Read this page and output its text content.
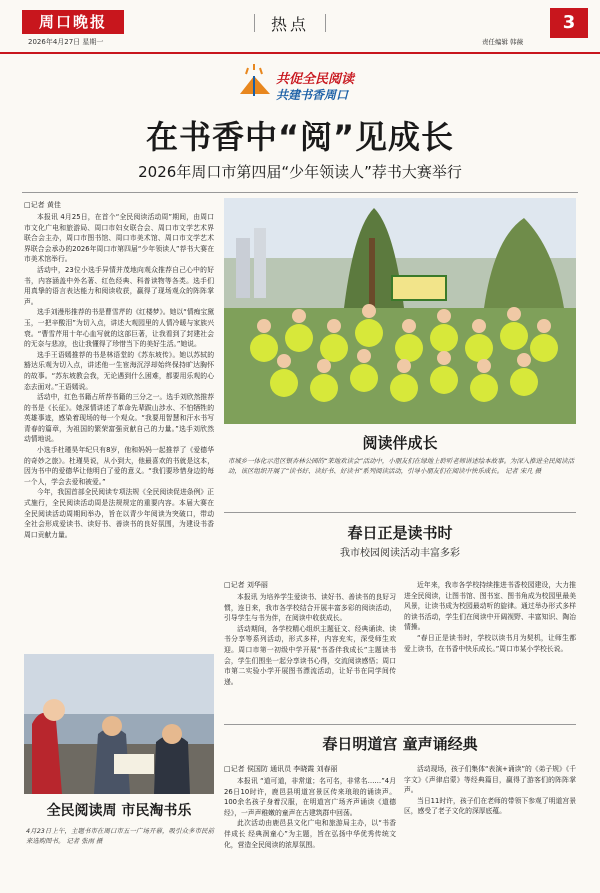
周口晚报
2026年4月27日 星期一
热点
责任编辑 韩薇
3
共促全民阅读
共建书香周口
在书香中“阅”见成长
2026年周口市第四届“少年领读人”荐书大赛举行
□记者 黄佳

本报讯 4月25日，在首个“全民阅读活动周”期间，由周口市文化广电和旅游局、周口市妇女联合会、周口市文学艺术界联合会主办，周口市图书馆、周口市美术馆、周口市文学艺术界联合会承办的2026年周口市第四届“少年领读人”荐书大赛在市美术馆举行。

活动中，23位小选手异情并茂地向观众推荐自己心中的好书，内容涵盖中外名著、红色经典、科普读物等各类。选手们用真挚的语言表达能力和阅读收获，赢得了现场观众的阵阵掌声。

选手刘漫彤推荐的书是曹雪芹的《红楼梦》。她以“情痴宝黛玉，一把辛酸泪”为切入点，讲述大观园里的人情冷暖与家族兴衰。“曹雪芹用十年心血写就的这部巨著，让我看到了封建社会的无奈与悲凉，也让我懂得了珍惜当下的美好生活。”她说。

选手王语嫣推荐的书是林语堂的《苏东坡传》。她以苏轼的豁达乐观为切入点，讲述他一生宦海沉浮却始终保持旷达胸怀的故事。“苏东坡教会我，无论遇到什么困难，都要用乐观的心态去面对。”王语嫣说。

活动中，红色书籍占所荐书籍的三分之一。选手刘欣然推荐的书是《长征》。她深情讲述了革命先辈跋山涉水、不怕牺牲的英雄事迹，感染着现场的每一个观众。“我要用智慧和汗水书写青春的篇章，为祖国的繁荣富强贡献自己的力量。”选手刘欣然动情地说。

小选手杜瑾昊年纪只有8岁，他和妈妈一起推荐了《爱德华的奇妙之旅》。杜瑾昊说，从小到大，他最喜欢的书就是这本，因为书中的爱德华让他明白了爱的意义。“我们要珍惜身边的每一个人，学会去爱和被爱。”

今年，我国首部全民阅读专项法规《全民阅读促进条例》正式施行，全民阅读活动周是法规规定的重要内容。本届大赛在全民阅读活动周期间举办，旨在以青少年阅读为突破口，带动全社会形成爱读书、读好书、善读书的良好氛围，为建设书香周口贡献力量。

阅读伴成长
市城乡一体化示范区银杏林公园的“茉地欢读会”活动中，小朋友们在绿地上聆听老师讲述绘本故事。为深入推进全民阅读活动，该区组织开展了“读书好、读好书、好读书”系列阅读活动，引导小朋友们在阅读中快乐成长。 记者 宋凡 摄
春日正是读书时
我市校园阅读活动丰富多彩
□记者 刘华丽

本报讯 为培养学生爱读书、读好书、善读书的良好习惯，连日来，我市各学校结合开展丰富多彩的阅读活动，引导学生与书为伴，在阅读中收获成长。

活动期间，各学校精心组织主题征文、经典诵读、读书分享等系列活动，形式多样，内容充实，深受师生欢迎。周口市第一初级中学开展“书香伴我成长”主题读书会，学生们围坐一起分享读书心得，交流阅读感悟；周口市第二实验小学开展图书漂流活动，让好书在同学间传递。

近年来，我市各学校持续推进书香校园建设，大力推进全民阅读，让图书馆、图书室、图书角成为校园里最美风景，让读书成为校园最动听的旋律。通过举办形式多样的读书活动，学生们在阅读中开阔视野、丰富知识、陶冶情操。

“春日正是读书时，学校以读书月为契机，让师生都爱上读书，在书香中快乐成长。”周口市某小学校长说。

春日明道宫 童声诵经典
□记者 侯国防 通讯员 李晓霞 刘春丽

本报讯 “道可道，非常道；名可名，非常名……”4月26日10时许，鹿邑县明道宫景区传来琅琅的诵读声。100余名孩子身着汉服，在明道宫广场齐声诵读《道德经》，一声声稚嫩的童声在古建筑群中回荡。

此次活动由鹿邑县文化广电和旅游局主办，以“书香伴成长 经典润童心”为主题，旨在弘扬中华优秀传统文化，营造全民阅读的浓厚氛围。

活动现场，孩子们集体“表演+诵读”的《弟子规》《千字文》《声律启蒙》等经典篇目，赢得了游客们的阵阵掌声。

当日11时许，孩子们在老师的带领下参观了明道宫景区，感受了老子文化的深厚底蕴。

全民阅读周 市民淘书乐
4月23日上午，主题书市在周口市五一广场开幕，吸引众多市民前来选购图书。 记者 张雨 摄
